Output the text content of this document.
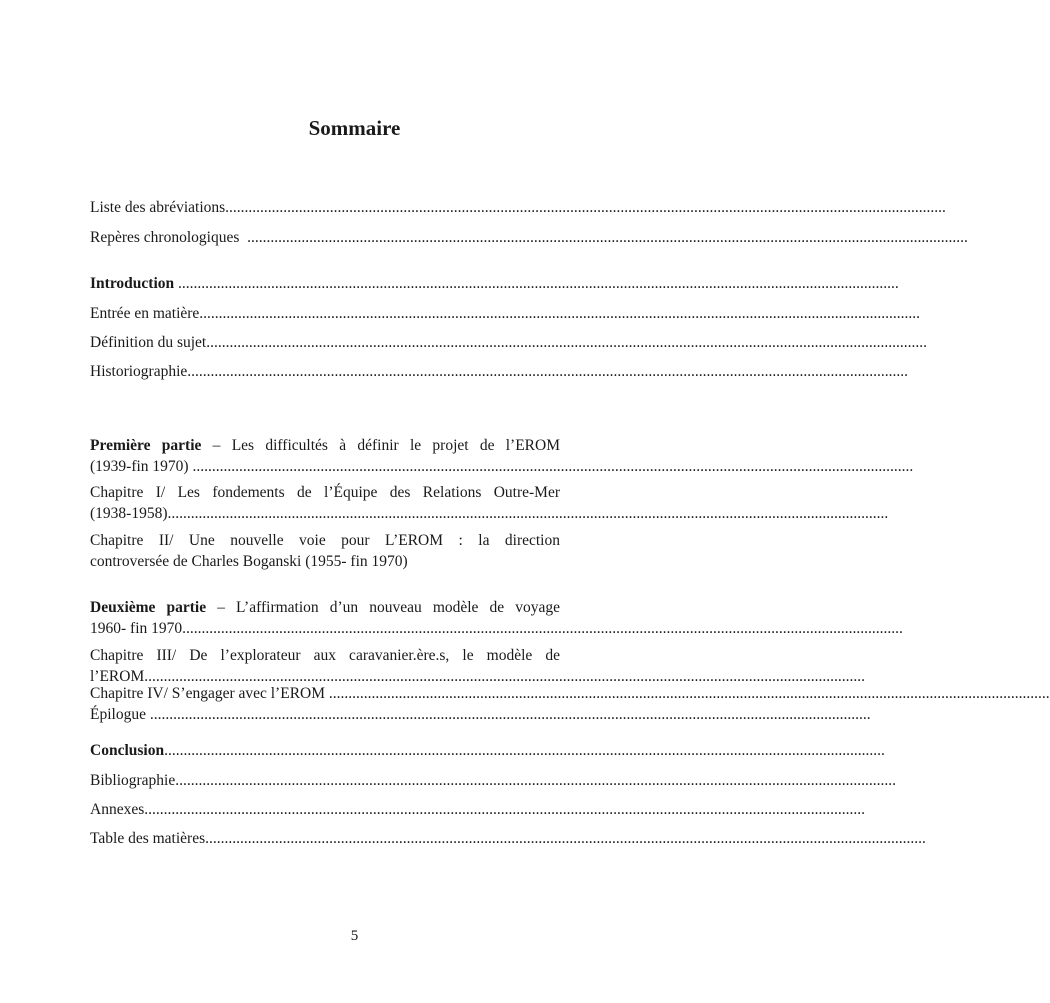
Sommaire
Liste des abréviations..........................................................................................................................................................................................
Repères chronologiques ..........................................................................................................................................................................................
Introduction ..........................................................................................................................................................................................
Entrée en matière..........................................................................................................................................................................................
Définition du sujet..........................................................................................................................................................................................
Historiographie..........................................................................................................................................................................................
Première partie – Les difficultés à définir le projet de l’EROM
(1939-fin 1970) ..........................................................................................................................................................................................
Chapitre I/ Les fondements de l’Équipe des Relations Outre-Mer
(1938-1958)..........................................................................................................................................................................................
Chapitre II/ Une nouvelle voie pour L’EROM : la direction
controversée de Charles Boganski (1955- fin 1970)
Deuxième partie – L’affirmation d’un nouveau modèle de voyage
1960- fin 1970..........................................................................................................................................................................................
Chapitre III/ De l’explorateur aux caravanier.ère.s, le modèle de
l’EROM..........................................................................................................................................................................................
Chapitre IV/ S’engager avec l’EROM ..........................................................................................................................................................................................
Épilogue ..........................................................................................................................................................................................
Conclusion..........................................................................................................................................................................................
Bibliographie..........................................................................................................................................................................................
Annexes..........................................................................................................................................................................................
Table des matières..........................................................................................................................................................................................
5
